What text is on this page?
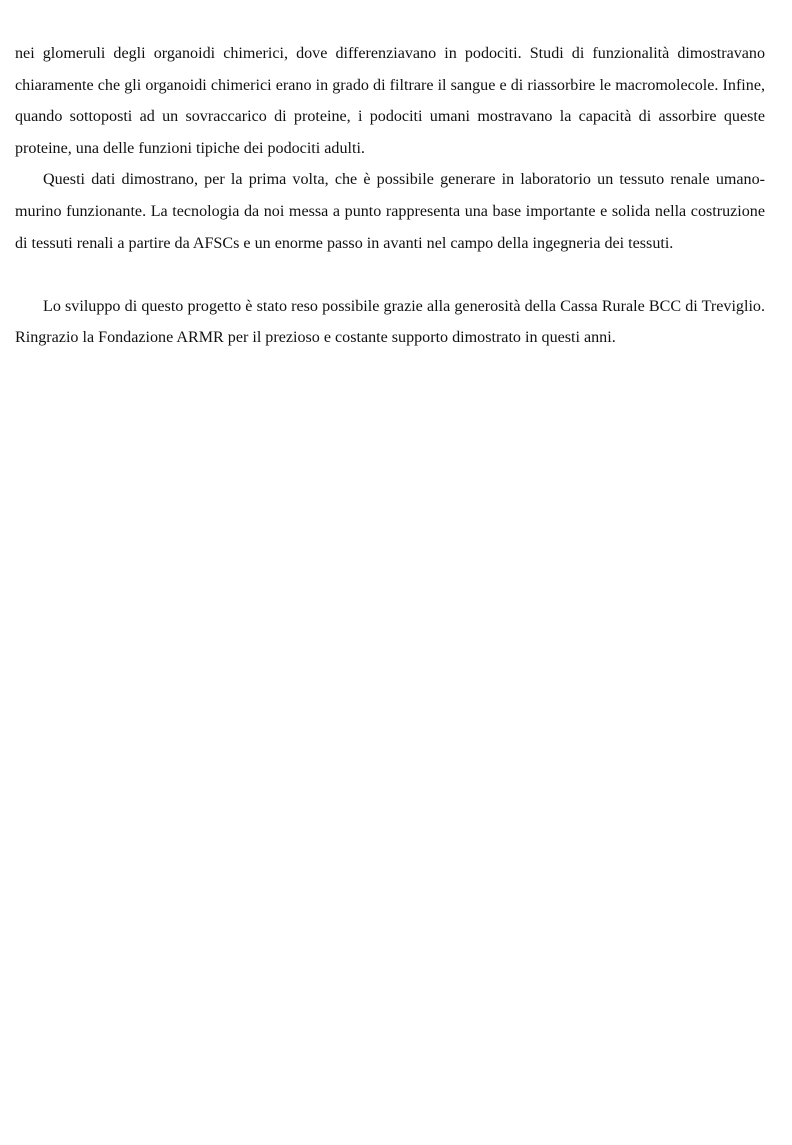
nei glomeruli degli organoidi chimerici, dove differenziavano in podociti. Studi di funzionalità dimostravano chiaramente che gli organoidi chimerici erano in grado di filtrare il sangue e di riassorbire le macromolecole. Infine, quando sottoposti ad un sovraccarico di proteine, i podociti umani mostravano la capacità di assorbire queste proteine, una delle funzioni tipiche dei podociti adulti.

Questi dati dimostrano, per la prima volta, che è possibile generare in laboratorio un tessuto renale umano-murino funzionante. La tecnologia da noi messa a punto rappresenta una base importante e solida nella costruzione di tessuti renali a partire da AFSCs e un enorme passo in avanti nel campo della ingegneria dei tessuti.

Lo sviluppo di questo progetto è stato reso possibile grazie alla generosità della Cassa Rurale BCC di Treviglio. Ringrazio la Fondazione ARMR per il prezioso e costante supporto dimostrato in questi anni.
